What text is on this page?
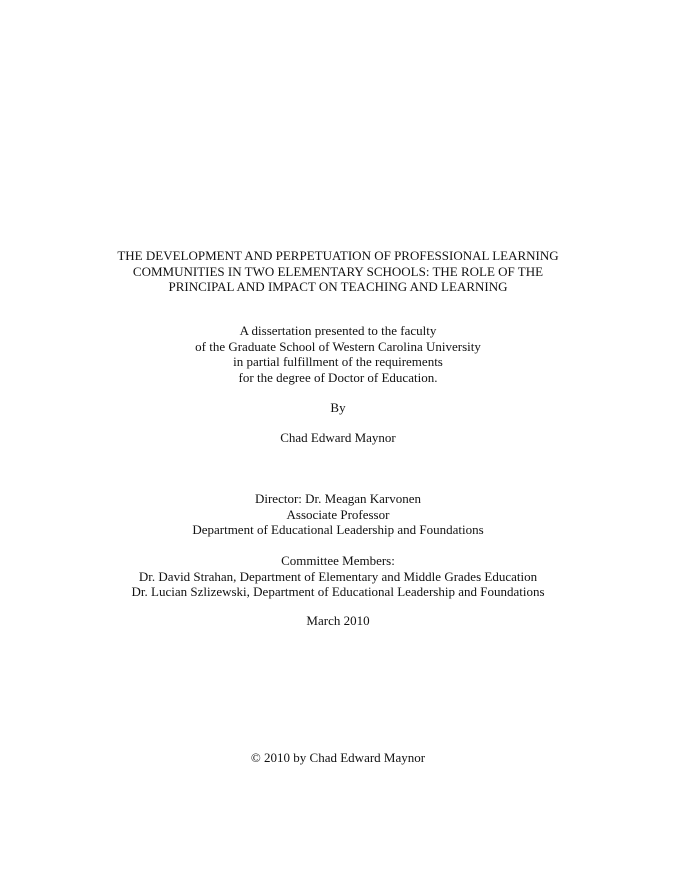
THE DEVELOPMENT AND PERPETUATION OF PROFESSIONAL LEARNING
COMMUNITIES IN TWO ELEMENTARY SCHOOLS: THE ROLE OF THE
PRINCIPAL AND IMPACT ON TEACHING AND LEARNING
A dissertation presented to the faculty
of the Graduate School of Western Carolina University
in partial fulfillment of the requirements
for the degree of Doctor of Education.
By
Chad Edward Maynor
Director: Dr. Meagan Karvonen
Associate Professor
Department of Educational Leadership and Foundations
Committee Members:
Dr. David Strahan, Department of Elementary and Middle Grades Education
Dr. Lucian Szlizewski, Department of Educational Leadership and Foundations
March 2010
© 2010 by Chad Edward Maynor
